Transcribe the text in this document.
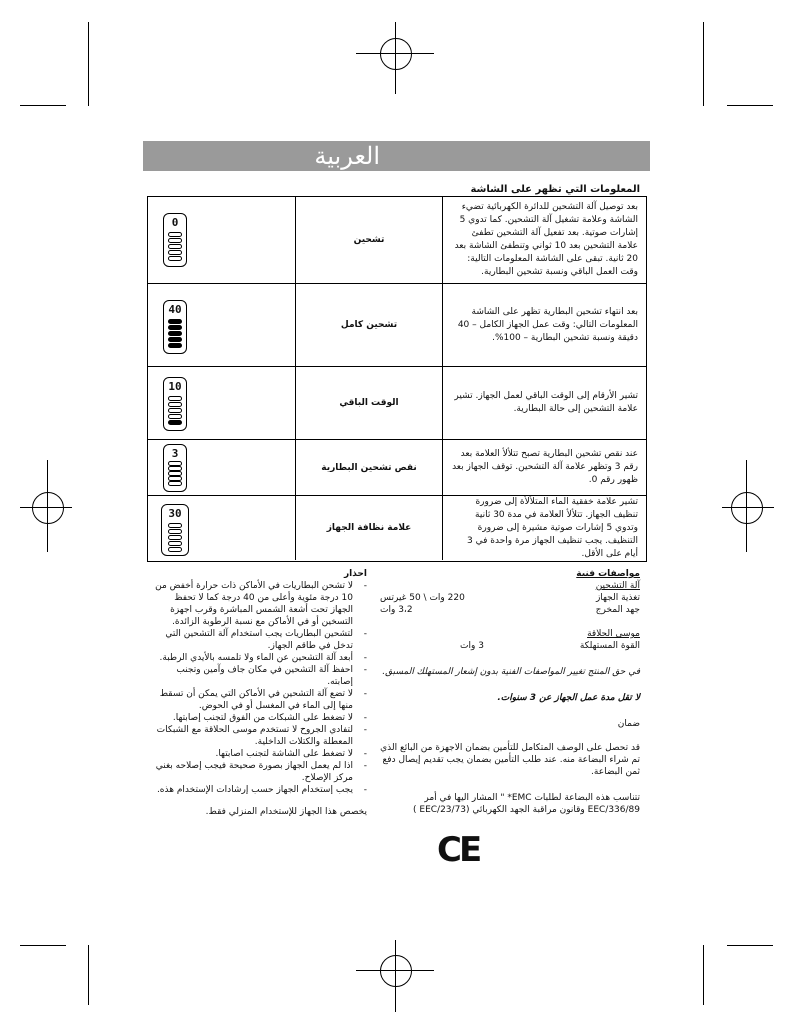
العربية
المعلومات التي تظهر على الشاشة
0
تشحين
بعد توصيل آلة التشحين للدائرة الكهربائية تضيء الشاشة وعلامة تشغيل آلة التشحين. كما تدوي 5 إشارات صوتية. بعد تفعيل آلة التشحين تطفئ علامة التشحين بعد 10 ثواني وتنطفئ الشاشة بعد 20 ثانية. تبقى على الشاشة المعلومات التالية: وقت العمل الباقي ونسبة تشحين البطارية.
40
تشحين كامل
بعد انتهاء تشحين البطارية تظهر على الشاشة المعلومات التالي: وقت عمل الجهاز الكامل – 40 دقيقة ونسبة تشحين البطارية – 100%.
10
الوقت الباقي
تشير الأرقام إلى الوقت الباقي لعمل الجهاز. تشير علامة التشحين إلى حالة البطارية.
3
نقص تشحين البطارية
عند نقص تشحين البطارية تصبح تتلألأ العلامة بعد رقم 3 وتظهر علامة آلة التشحين. توقف الجهاز بعد ظهور رقم 0.
30
علامة نظافة الجهاز
تشير علامة خفقية الماء المتلألأة إلى ضرورة تنظيف الجهاز. تتلألأ العلامة في مدة 30 ثانية وتدوي 5 إشارات صوتية مشيرة إلى ضرورة التنظيف. يجب تنظيف الجهاز مرة واحدة في 3 أيام على الأقل.
مواصفات فنية
آلة التشحين
تغذية الجهاز
220 وات \ 50 غيرتس
جهد المخرج
3،2 وات
موسى الحلاقة
القوة المستهلكة
3 وات
في حق المنتج تغيير المواصفات الفنية بدون إشعار المستهلك المسبق.
لا تقل مدة عمل الجهاز عن 3 سنوات.
ضمان
قد تحصل على الوصف المتكامل للتأمين بضمان الاجهزة من البائع الذي تم شراء البضاعة منه. عند طلب التأمين بضمان يجب تقديم إيصال دفع ثمن البضاعة.
تتناسب هذه البضاعة لطلبات EMC* " المشار اليها في أمر EEC/336/89 وقانون مراقبة الجهد الكهربائي (EEC/23/73 )
احذار
- لا تشحن البطاريات في الأماكن ذات حرارة أخفض من 10 درجة مئوية وأعلى من 40 درجة كما لا تحفظ الجهاز تحت أشعة الشمس المباشرة وقرب اجهزة التسخين أو في الأماكن مع نسبة الرطوبة الزائدة.
- لتشحين البطاريات يجب استخدام آلة التشحين التي تدخل في طاقم الجهاز.
- أبعد آلة التشحين عن الماء ولا تلمسه بالأيدي الرطبة.
- احفظ آلة التشحين في مكان جاف وآمين وتجنب إصابته.
- لا تضع آلة التشحين في الأماكن التي يمكن أن تسقط منها إلى الماء في المغسل أو في الحوض.
- لا تضغط على الشبكات من الفوق لتجنب إصابتها.
- لتفادي الجروح لا تستخدم موسى الحلاقة مع الشبكات المعطلة والكتلات الداخلية.
- لا تضغط على الشاشة لتجنب اصابتها.
- اذا لم يعمل الجهاز بصورة صحيحة فيجب إصلاحه بغني مركز الإصلاح.
- يجب إستخدام الجهاز حسب إرشادات الإستخدام هذه.
يخصص هذا الجهاز للإستخدام المنزلي فقط.
CE
